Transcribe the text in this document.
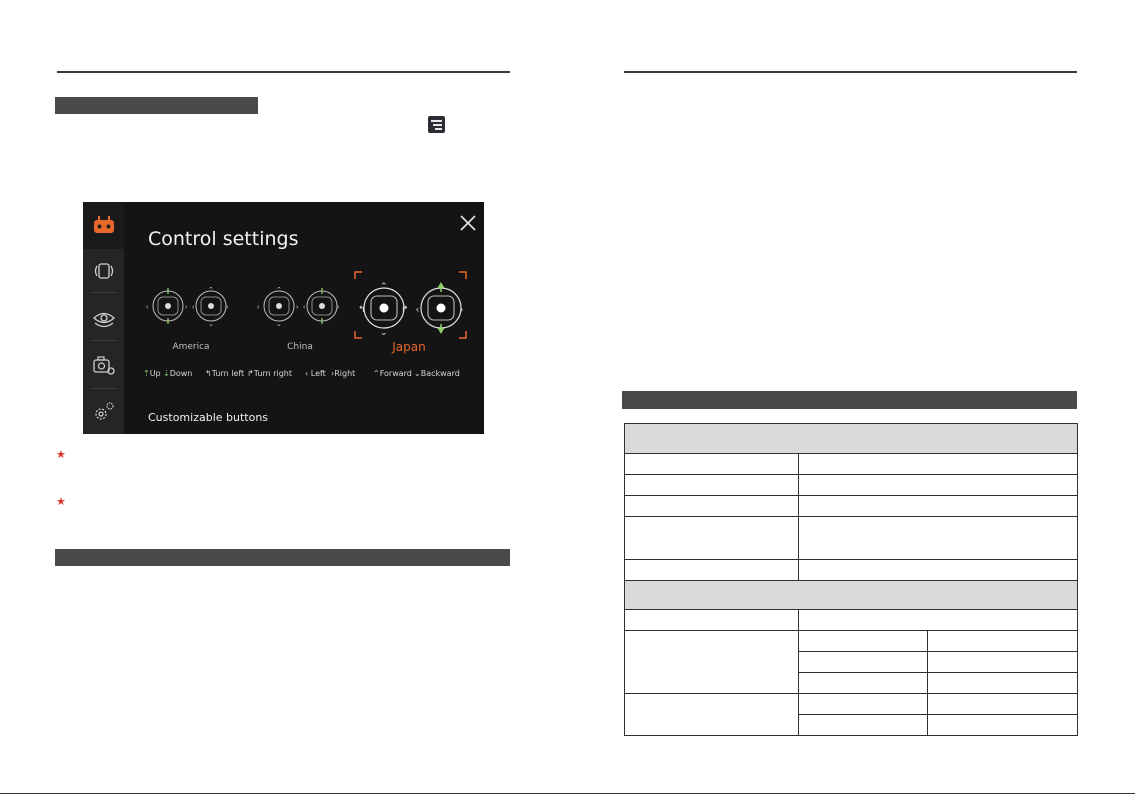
Control settings
‹	›
⌃
⌄
‹	›
⌃
⌄
‹	› ‹	›
⌃
⌄
↰	↱ ‹	›
America	China	Japan
⇡Up ⇣Down ↰Turn left ↱Turn right ‹ Left ›Right ⌃Forward ⌄Backward
Customizable buttons
★
★
